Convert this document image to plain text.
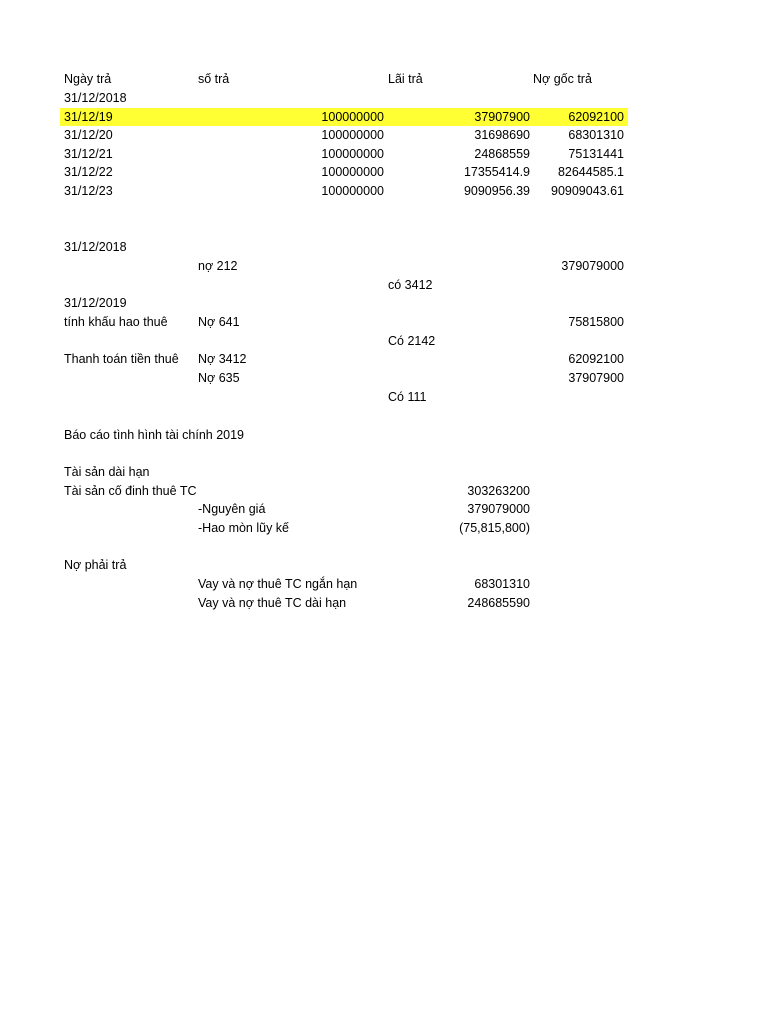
Ngày trả	số trả	Lãi trả	Nợ gốc trả
31/12/2018
31/12/19	100000000	37907900	62092100
31/12/20	100000000	31698690	68301310
31/12/21	100000000	24868559	75131441
31/12/22	100000000	17355414.9 82644585.1
31/12/23	100000000	9090956.39 90909043.61
31/12/2018
nợ 212	379079000
có 3412
31/12/2019
tính khấu hao thuê Nợ 641	75815800
Có 2142
Thanh toán tiền thuê Nợ 3412	62092100
Nợ 635	37907900
Có 111
Báo cáo tình hình tài chính 2019
Tài sản dài hạn
Tài sản cố đinh thuê TC	303263200
-Nguyên giá	379079000
-Hao mòn lũy kế	(75,815,800)
Nợ phải trả
Vay và nợ thuê TC ngắn hạn	68301310
Vay và nợ thuê TC dài hạn	248685590
